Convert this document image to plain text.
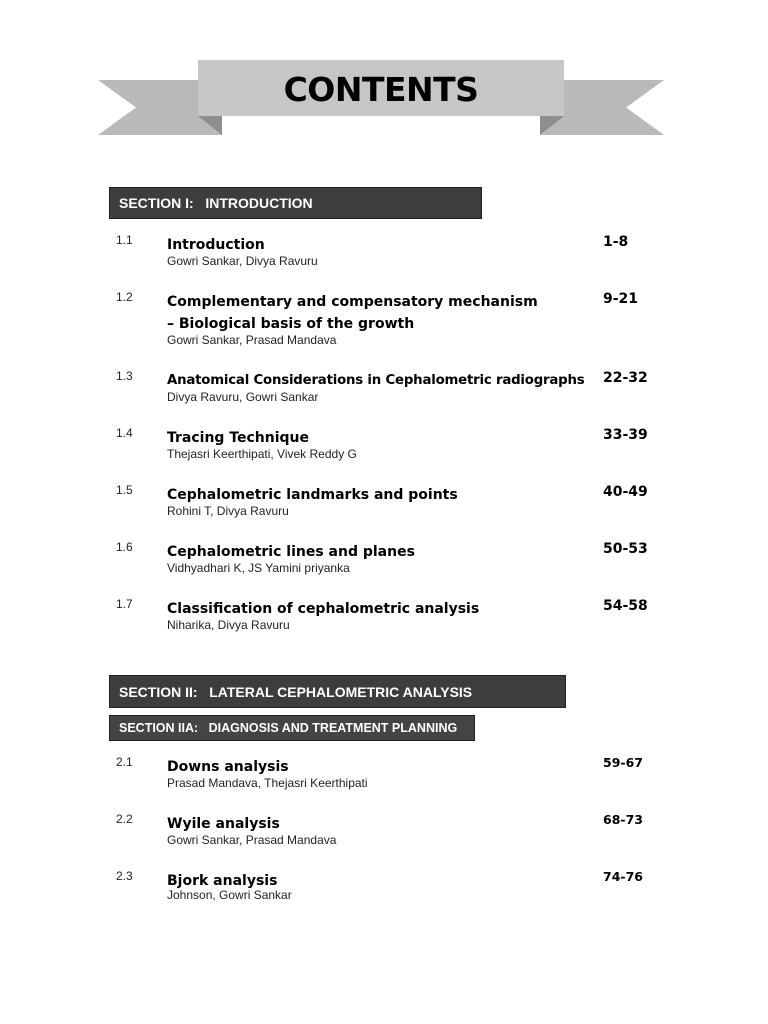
CONTENTS
SECTION I:   INTRODUCTION
1.1 Introduction
Gowri Sankar, Divya Ravuru
1-8
1.2 Complementary and compensatory mechanism – Biological basis of the growth
Gowri Sankar, Prasad Mandava
9-21
1.3	Anatomical Considerations in Cephalometric radiographs
Divya Ravuru, Gowri Sankar
22-32
1.4 Tracing Technique
Thejasri Keerthipati, Vivek Reddy G
33-39
1.5 Cephalometric landmarks and points
Rohini T, Divya Ravuru
40-49
1.6 Cephalometric lines and planes
Vidhyadhari K, JS Yamini priyanka
50-53
1.7 Classification of cephalometric analysis
Niharika, Divya Ravuru
54-58
SECTION II:   LATERAL CEPHALOMETRIC ANALYSIS
SECTION IIA:   DIAGNOSIS AND TREATMENT PLANNING
2.1 Downs analysis
Prasad Mandava, Thejasri Keerthipati
59-67
2.2 Wyile analysis
Gowri Sankar, Prasad Mandava
68-73
2.3 Bjork analysis
Johnson, Gowri Sankar
74-76
